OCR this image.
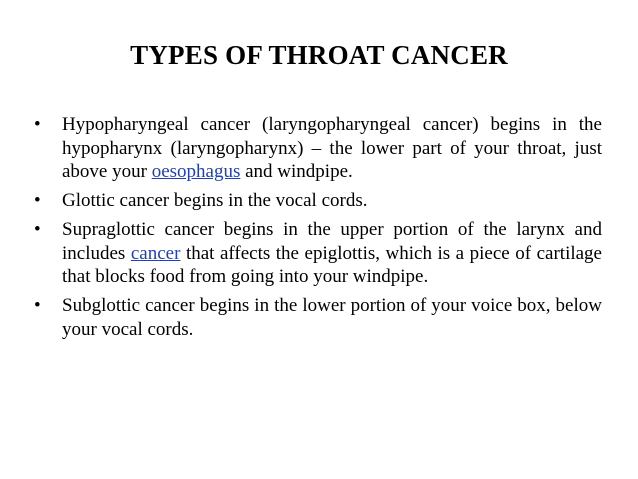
TYPES OF THROAT CANCER
•	Hypopharyngeal cancer (laryngopharyngeal cancer) begins in the hypopharynx (laryngopharynx) – the lower part of your throat, just above your oesophagus and windpipe.
•	Glottic cancer begins in the vocal cords.
•	Supraglottic cancer begins in the upper portion of the larynx and includes cancer that affects the epiglottis, which is a piece of cartilage that blocks food from going into your windpipe.
•	Subglottic cancer begins in the lower portion of your voice box, below your vocal cords.
